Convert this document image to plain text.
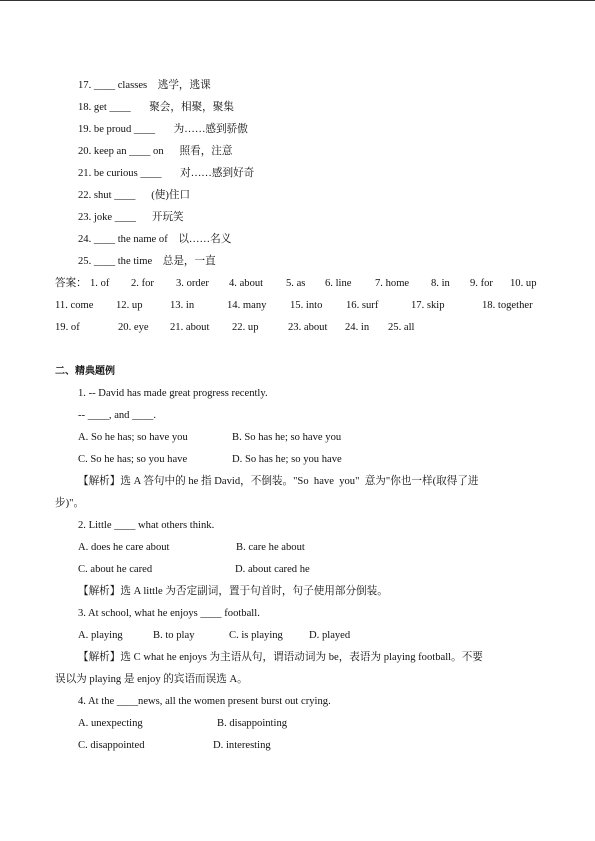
17. ____ classes    逃学，逃课
18. get ____       聚会，相聚，聚集
19. be proud ____       为……感到骄傲
20. keep an ____ on      照看，注意
21. be curious ____       对……感到好奇
22. shut ____      (使)住口
23. joke ____      开玩笑
24. ____ the name of    以……名义
25. ____ the time    总是，一直
答案： 1. of 2. for 3. order 4. about 5. as 6. line 7. home 8. in 9. for 10. up
11. come 12. up	13. in	14. many 15. into 16. surf	17. skip	18. together
19. of	20. eye 21. about 22. up	23. about 24. in 25. all
二、精典题例
1. -- David has made great progress recently.
-- ____, and ____.
A. So he has; so have you	B. So has he; so have you
C. So he has; so you have	D. So has he; so you have
【解析】选 A 答句中的 he 指 David，不倒装。"So  have  you"  意为"你也一样(取得了进
步)"。
2. Little ____ what others think.
A. does he care about	B. care he about
C. about he cared	D. about cared he
【解析】选 A little 为否定副词，置于句首时，句子使用部分倒装。
3. At school, what he enjoys ____ football.
A. playing	B. to play	C. is playing D. played
【解析】选 C what he enjoys 为主语从句，谓语动词为 be，表语为 playing football。不要
误以为 playing 是 enjoy 的宾语而误选 A。
4. At the ____news, all the women present burst out crying.
A. unexpecting	B. disappointing
C. disappointed	D. interesting
